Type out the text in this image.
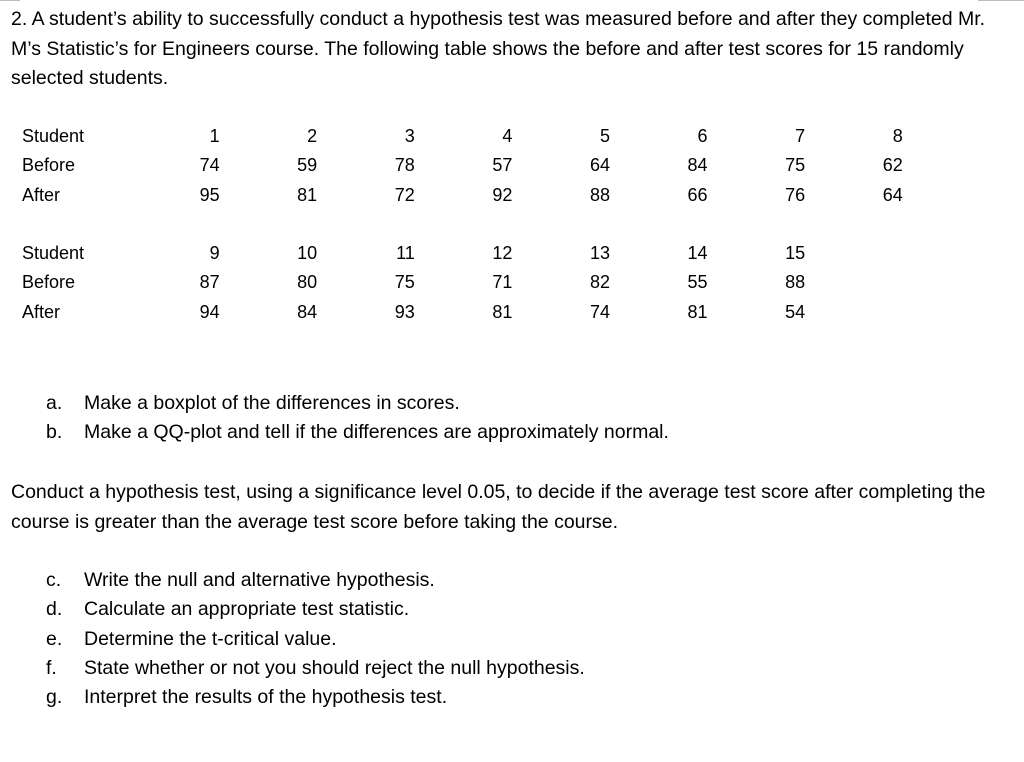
2. A student’s ability to successfully conduct a hypothesis test was measured before and after they completed Mr. M’s Statistic’s for Engineers course. The following table shows the before and after test scores for 15 randomly selected students.

Student	1	2	3	4	5	6	7	8
Before	74	59	78	57	64	84	75	62
After	95	81	72	92	88	66	76	64
Student	9	10	11	12	13	14	15
Before	87	80	75	71	82	55	88
After	94	84	93	81	74	81	54
a. Make a boxplot of the differences in scores.
b. Make a QQ-plot and tell if the differences are approximately normal.

Conduct a hypothesis test, using a significance level 0.05, to decide if the average test score after completing the course is greater than the average test score before taking the course.

c. Write the null and alternative hypothesis.
d. Calculate an appropriate test statistic.
e. Determine the t-critical value.
f. State whether or not you should reject the null hypothesis.
g. Interpret the results of the hypothesis test.
